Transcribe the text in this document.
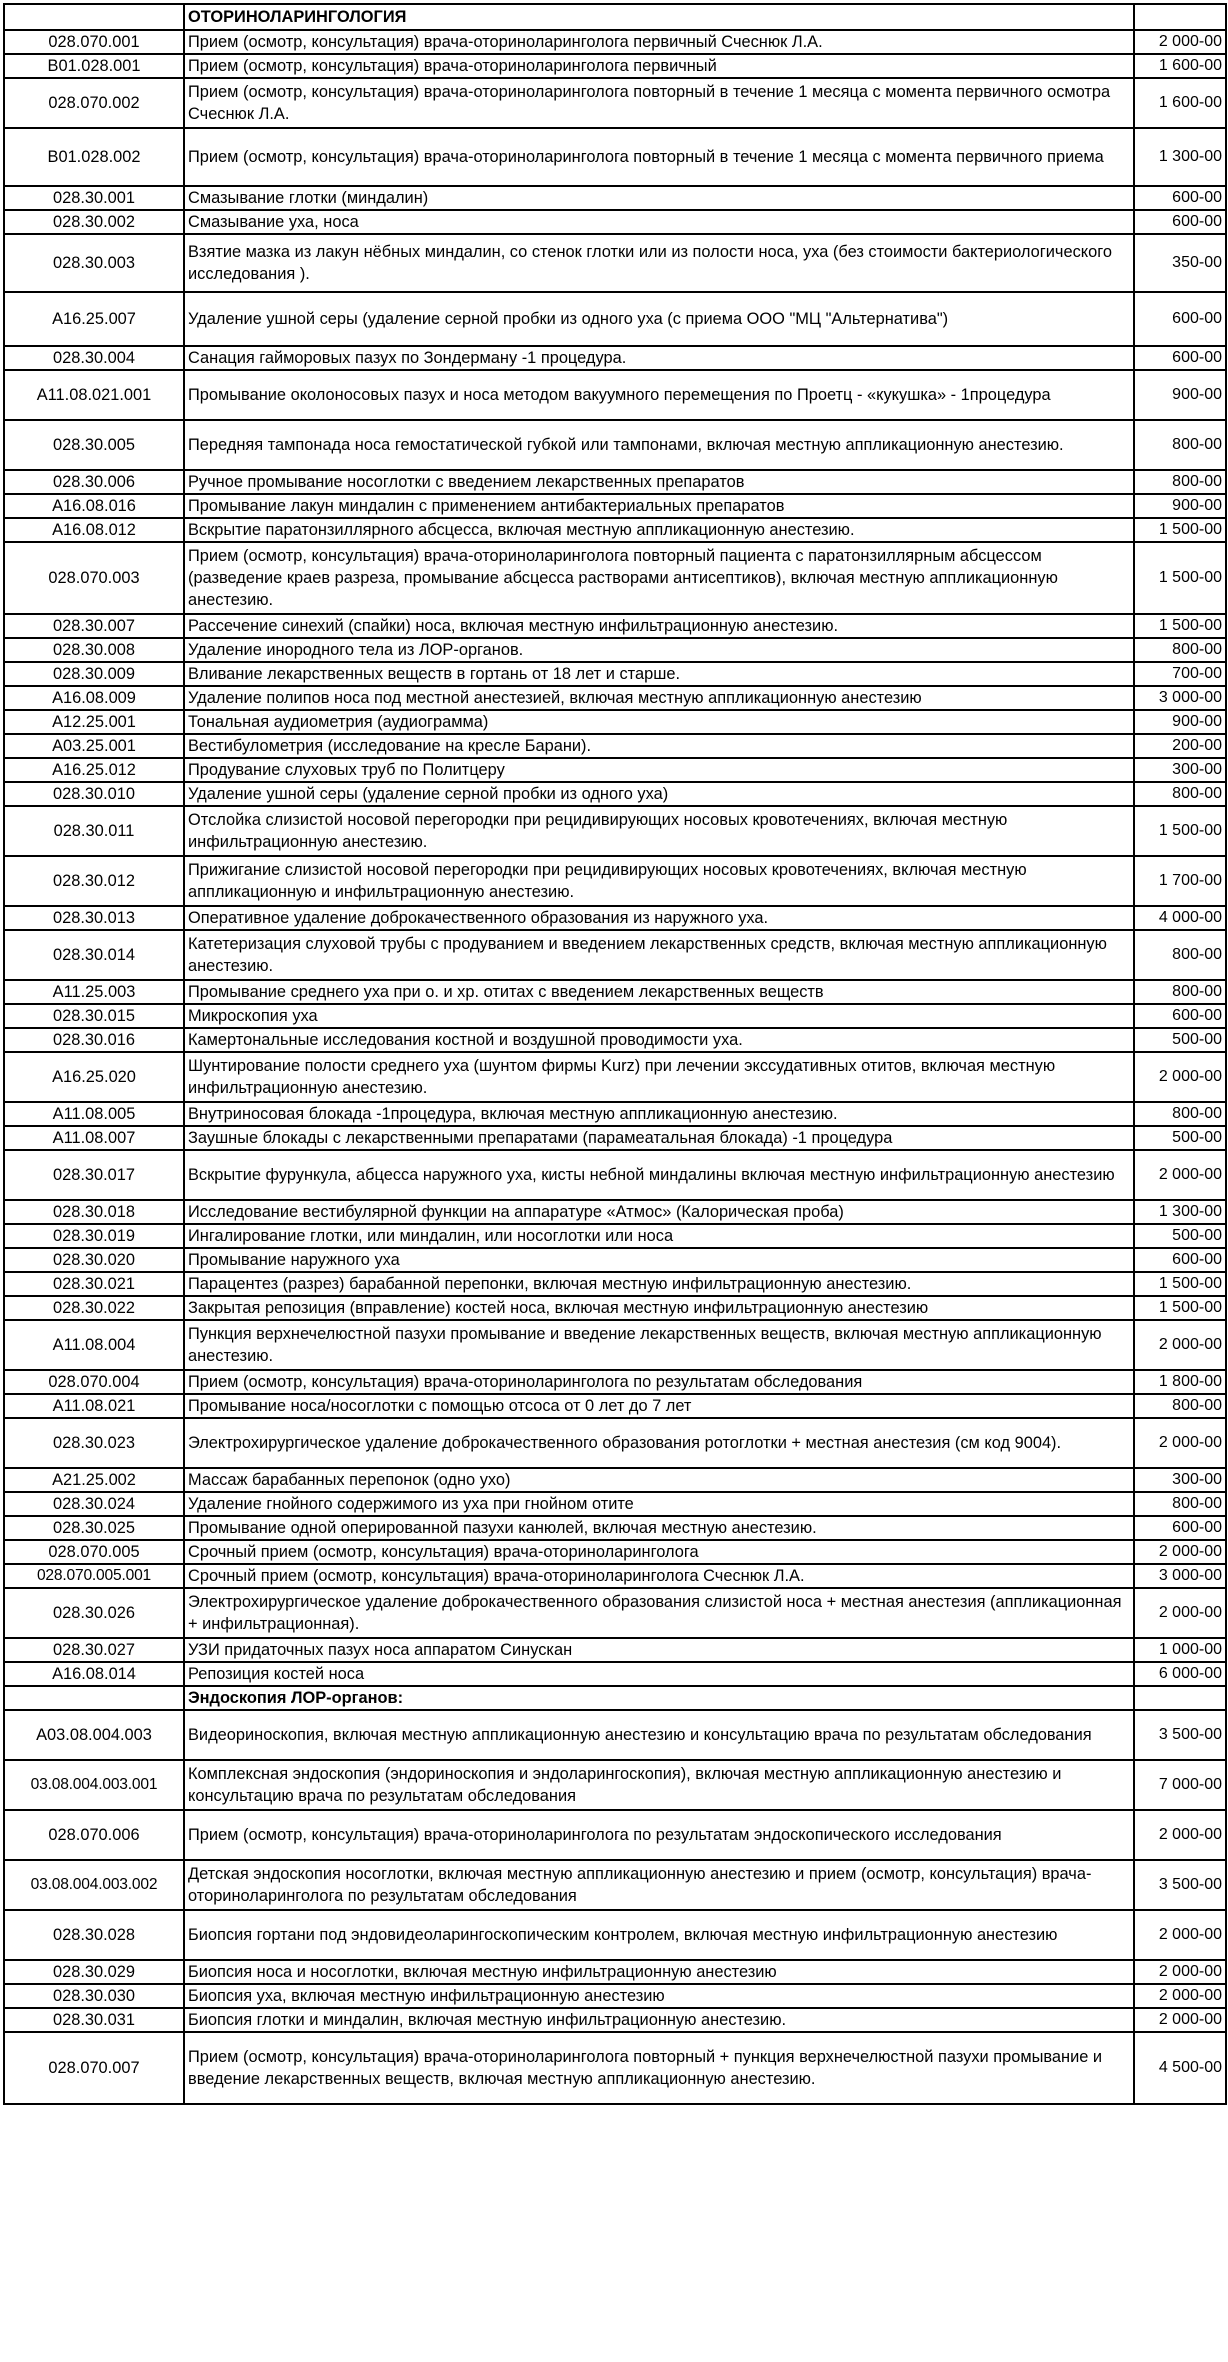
	ОТОРИНОЛАРИНГОЛОГИЯ	
028.070.001	Прием (осмотр, консультация) врача-оториноларинголога первичный Счеснюк Л.А.	2 000-00
B01.028.001	Прием (осмотр, консультация) врача-оториноларинголога первичный	1 600-00
028.070.002	Прием (осмотр, консультация) врача-оториноларинголога повторный в течение 1 месяца с момента первичного осмотра Счеснюк Л.А.	1 600-00
B01.028.002	Прием (осмотр, консультация) врача-оториноларинголога повторный в течение 1 месяца с момента первичного приема	1 300-00
028.30.001	Смазывание глотки (миндалин)	600-00
028.30.002	Смазывание уха, носа	600-00
028.30.003	Взятие мазка из лакун нёбных миндалин, со стенок глотки или из полости носа, уха (без стоимости бактериологического исследования ).	350-00
A16.25.007	Удаление ушной серы (удаление серной пробки из одного уха (с приема ООО "МЦ "Альтернатива")	600-00
028.30.004	Санация гайморовых пазух по Зондерману -1 процедура.	600-00
A11.08.021.001	Промывание околоносовых пазух и носа методом вакуумного перемещения по Проетц - «кукушка» - 1процедура	900-00
028.30.005	Передняя тампонада носа гемостатической губкой или тампонами, включая местную аппликационную анестезию.	800-00
028.30.006	Ручное промывание носоглотки с введением лекарственных препаратов	800-00
A16.08.016	Промывание лакун миндалин с применением антибактериальных препаратов	900-00
A16.08.012	Вскрытие паратонзиллярного абсцесса, включая местную аппликационную анестезию.	1 500-00
028.070.003	Прием (осмотр, консультация) врача-оториноларинголога повторный пациента с паратонзиллярным абсцессом (разведение краев разреза, промывание абсцесса растворами антисептиков), включая местную аппликационную анестезию.	1 500-00
028.30.007	Рассечение синехий (спайки) носа, включая местную инфильтрационную анестезию.	1 500-00
028.30.008	Удаление инородного тела из ЛОР-органов.	800-00
028.30.009	Вливание лекарственных веществ в гортань от 18 лет и старше.	700-00
A16.08.009	Удаление полипов носа под местной анестезией, включая местную аппликационную анестезию	3 000-00
A12.25.001	Тональная аудиометрия (аудиограмма)	900-00
A03.25.001	Вестибулометрия (исследование на кресле Барани).	200-00
A16.25.012	Продувание слуховых труб по Политцеру	300-00
028.30.010	Удаление ушной серы (удаление серной пробки из одного уха)	800-00
028.30.011	Отслойка слизистой носовой перегородки при рецидивирующих носовых кровотечениях, включая местную инфильтрационную анестезию.	1 500-00
028.30.012	Прижигание слизистой носовой перегородки при рецидивирующих носовых кровотечениях, включая местную аппликационную и инфильтрационную анестезию.	1 700-00
028.30.013	Оперативное удаление доброкачественного образования из наружного уха.	4 000-00
028.30.014	Катетеризация слуховой трубы с продуванием и введением лекарственных средств, включая местную аппликационную анестезию.	800-00
A11.25.003	Промывание среднего уха при о. и хр. отитах с введением лекарственных веществ	800-00
028.30.015	Микроскопия уха	600-00
028.30.016	Камертональные исследования костной и воздушной проводимости уха.	500-00
A16.25.020	Шунтирование полости среднего уха (шунтом фирмы Kurz) при лечении экссудативных отитов, включая местную инфильтрационную анестезию.	2 000-00
A11.08.005	Внутриносовая блокада -1процедура, включая местную аппликационную анестезию.	800-00
A11.08.007	Заушные блокады с лекарственными препаратами (парамеатальная блокада) -1 процедура	500-00
028.30.017	Вскрытие фурункула, абцесса наружного уха, кисты небной миндалины включая местную инфильтрационную анестезию	2 000-00
028.30.018	Исследование вестибулярной функции на аппаратуре «Атмос» (Калорическая проба)	1 300-00
028.30.019	Ингалирование глотки, или миндалин, или носоглотки или носа	500-00
028.30.020	Промывание наружного уха	600-00
028.30.021	Парацентез (разрез) барабанной перепонки, включая местную инфильтрационную анестезию.	1 500-00
028.30.022	Закрытая репозиция (вправление) костей носа, включая местную инфильтрационную анестезию	1 500-00
A11.08.004	Пункция верхнечелюстной пазухи промывание и введение лекарственных веществ, включая местную аппликационную анестезию.	2 000-00
028.070.004	Прием (осмотр, консультация) врача-оториноларинголога по результатам обследования	1 800-00
A11.08.021	Промывание носа/носоглотки с помощью отсоса от 0 лет до 7 лет	800-00
028.30.023	Электрохирургическое удаление доброкачественного образования ротоглотки + местная анестезия (см код 9004).	2 000-00
A21.25.002	Массаж барабанных перепонок (одно ухо)	300-00
028.30.024	Удаление гнойного содержимого из уха при гнойном отите	800-00
028.30.025	Промывание одной оперированной пазухи канюлей, включая местную анестезию.	600-00
028.070.005	Срочный прием (осмотр, консультация) врача-оториноларинголога	2 000-00
028.070.005.001	Срочный прием (осмотр, консультация) врача-оториноларинголога Счеснюк Л.А.	3 000-00
028.30.026	Электрохирургическое удаление доброкачественного образования слизистой носа + местная анестезия (аппликационная + инфильтрационная).	2 000-00
028.30.027	УЗИ придаточных пазух носа аппаратом Синускан	1 000-00
A16.08.014	Репозиция костей носа	6 000-00
	Эндоскопия ЛОР-органов:	
A03.08.004.003	Видеориноскопия, включая местную аппликационную анестезию и консультацию врача по результатам обследования	3 500-00
03.08.004.003.001	Комплексная эндоскопия (эндориноскопия и эндоларингоскопия), включая местную аппликационную анестезию и консультацию врача по результатам обследования	7 000-00
028.070.006	Прием (осмотр, консультация) врача-оториноларинголога по результатам эндоскопического исследования	2 000-00
03.08.004.003.002	Детская эндоскопия носоглотки, включая местную аппликационную анестезию и прием (осмотр, консультация) врача-оториноларинголога по результатам обследования	3 500-00
028.30.028	Биопсия гортани под эндовидеоларингоскопическим контролем, включая местную инфильтрационную анестезию	2 000-00
028.30.029	Биопсия носа и носоглотки, включая местную инфильтрационную анестезию	2 000-00
028.30.030	Биопсия уха, включая местную инфильтрационную анестезию	2 000-00
028.30.031	Биопсия глотки и миндалин, включая местную инфильтрационную анестезию.	2 000-00
028.070.007	Прием (осмотр, консультация) врача-оториноларинголога повторный + пункция верхнечелюстной пазухи промывание и введение лекарственных веществ, включая местную аппликационную анестезию.	4 500-00
